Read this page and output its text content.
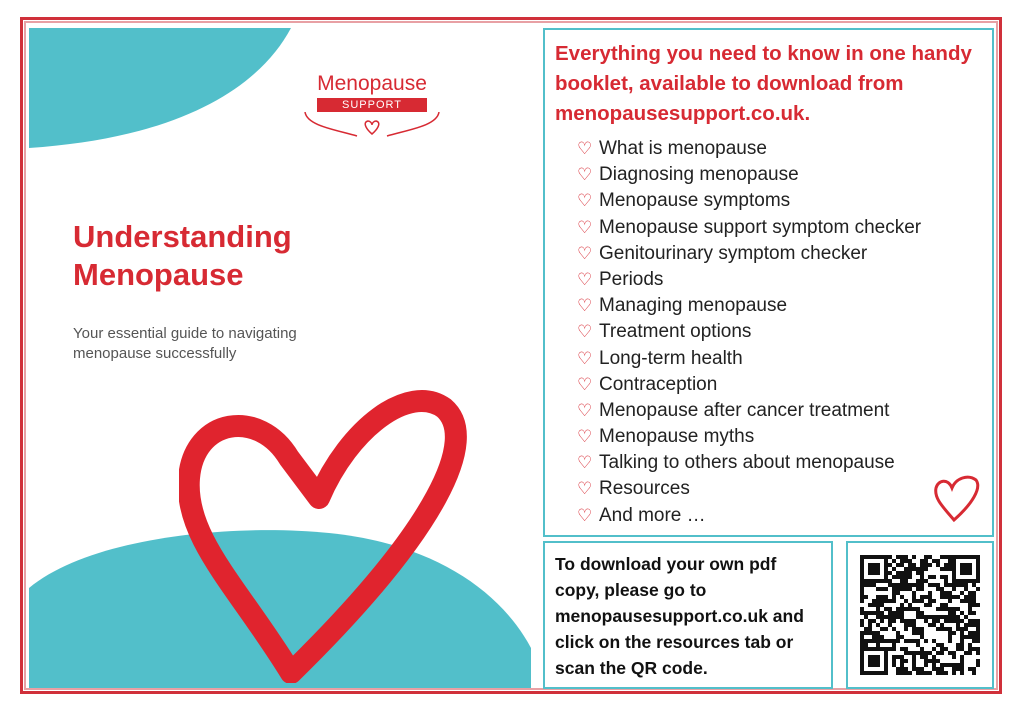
Menopause
SUPPORT
Understanding
Menopause
Your essential guide to navigating menopause successfully
Everything you need to know in one handy booklet, available to download from menopausesupport.co.uk.
♡ What is menopause
♡ Diagnosing menopause
♡ Menopause symptoms
♡ Menopause support symptom checker
♡ Genitourinary symptom checker
♡ Periods
♡ Managing menopause
♡ Treatment options
♡ Long-term health
♡ Contraception
♡ Menopause after cancer treatment
♡ Menopause myths
♡ Talking to others about menopause
♡ Resources
♡ And more …
To download your own pdf copy, please go to menopausesupport.co.uk and click on the resources tab or scan the QR code.
